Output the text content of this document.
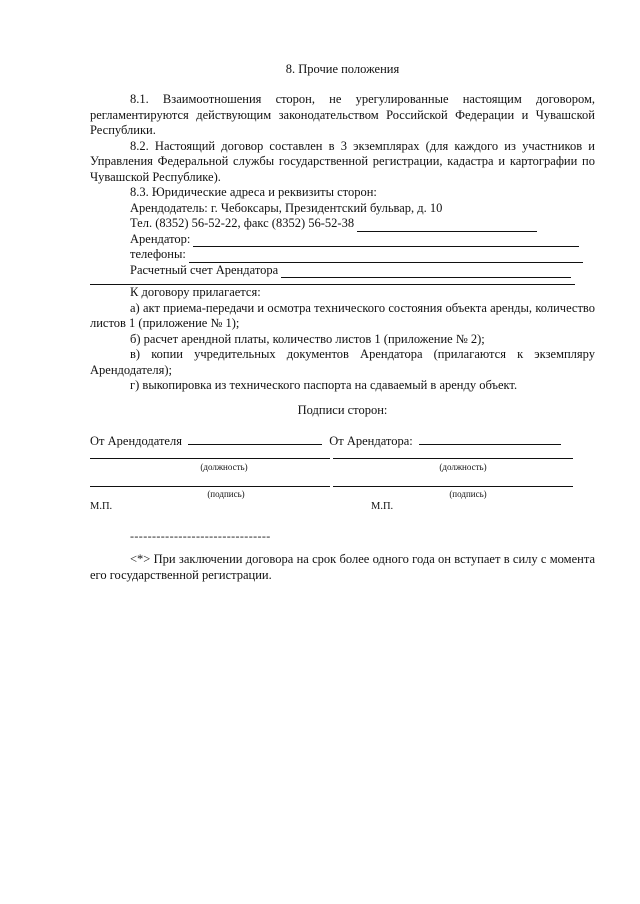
8. Прочие положения

8.1. Взаимоотношения сторон, не урегулированные настоящим договором, регламентируются действующим законодательством Российской Федерации и Чувашской Республики.

8.2. Настоящий договор составлен в 3 экземплярах (для каждого из участников и Управления Федеральной службы государственной регистрации, кадастра и картографии по Чувашской Республике).

8.3. Юридические адреса и реквизиты сторон:

Арендодатель: г. Чебоксары, Президентский бульвар, д. 10

Тел. (8352) 56-52-22, факс (8352) 56-52-38

Арендатор:

телефоны:

Расчетный счет Арендатора

К договору прилагается:

а) акт приема-передачи и осмотра технического состояния объекта аренды, количество листов 1 (приложение № 1);

б) расчет арендной платы, количество листов 1 (приложение № 2);

в) копии учредительных документов Арендатора (прилагаются к экземпляру Арендодателя);

г) выкопировка из технического паспорта на сдаваемый в аренду объект.

Подписи сторон:
От Арендодателя	От Арендатора:
(должность)	(должность)
(подпись)	(подпись)
М.П.	М.П.
--------------------------------
<*> При заключении договора на срок более одного года он вступает в силу с момента его государственной регистрации.
